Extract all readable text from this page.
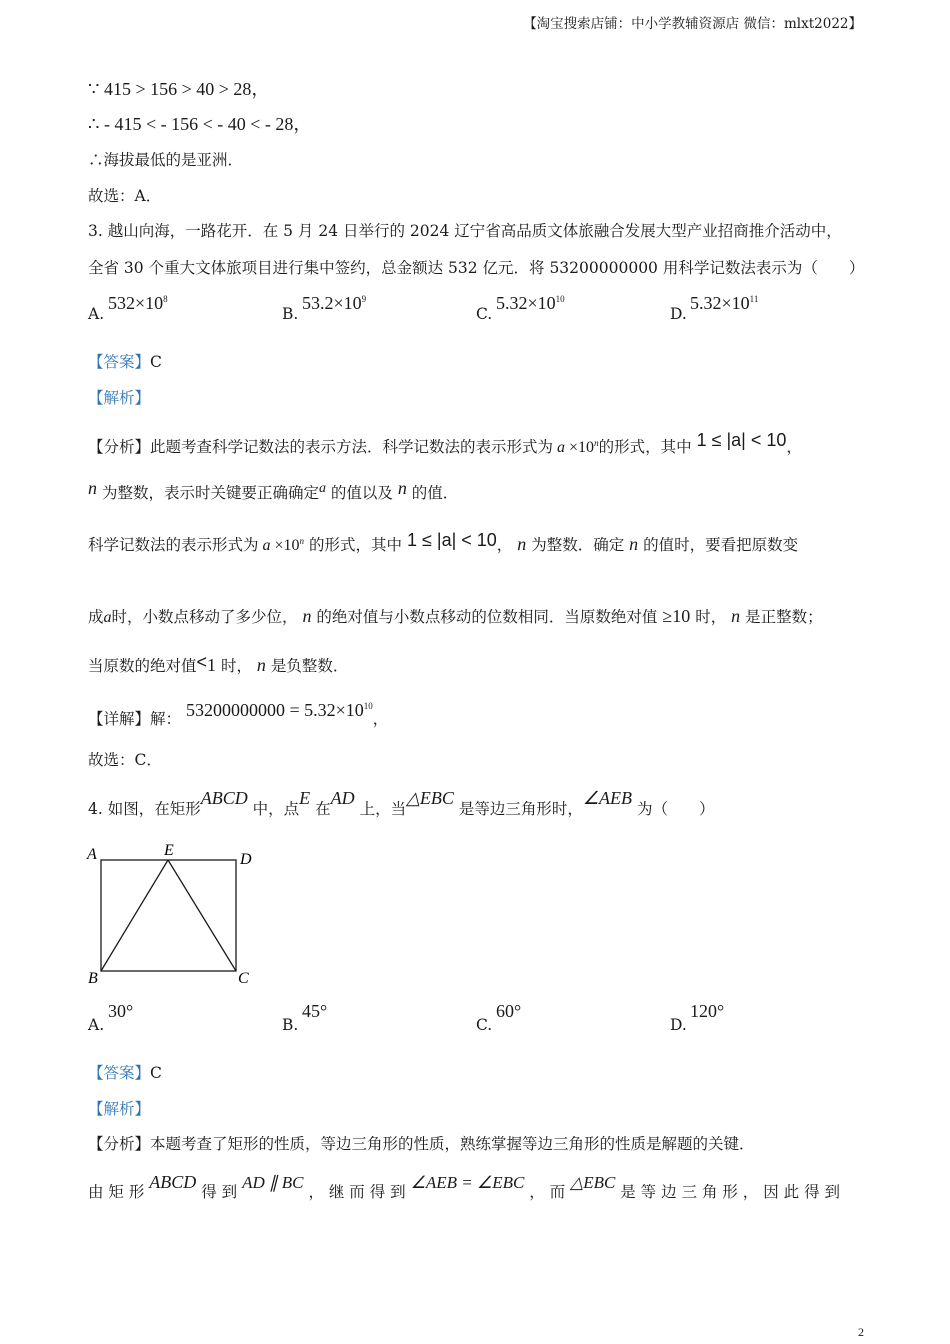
【淘宝搜索店铺：中小学教辅资源店 微信：mlxt2022】
∵ 415 > 156 > 40 > 28，
∴ - 415 < - 156 < - 40 < - 28，
∴海拔最低的是亚洲．
故选：A．
3. 越山向海，一路花开．在 5 月 24 日举行的 2024 辽宁省高品质文体旅融合发展大型产业招商推介活动中，
全省 30 个重大文体旅项目进行集中签约，总金额达 532 亿元．将 53200000000 用科学记数法表示为（　　）
A.
$532\times 10^8$
B.
$53.2\times 10^9$
C.
$5.32\times 10^{10}$
D.
$5.32\times 10^{11}$
【答案】C
【解析】
【分析】此题考查科学记数法的表示方法．科学记数法的表示形式为 $a \times 10^n$的形式，其中 1 ≤ |a| < 10，
n 为整数，表示时关键要正确确定a 的值以及 n 的值．
科学记数法的表示形式为 $a \times 10^n$ 的形式，其中 1 ≤ |a| < 10， n 为整数．确定 n 的值时，要看把原数变
成a时，小数点移动了多少位， n 的绝对值与小数点移动的位数相同．当原数绝对值 ≥10 时， n 是正整数；
当原数的绝对值<1 时， n 是负整数．
【详解】解： $53200000000 = 5.32\times 10^{10}$，
故选：C．
4. 如图，在矩形ABCD 中，点E 在AD 上，当△EBC 是等边三角形时，∠AEB 为（　　）
A	E
D
B	C
A.
30°
B.
45°
C.
60°
D.
120°
【答案】C
【解析】
【分析】本题考查了矩形的性质，等边三角形的性质，熟练掌握等边三角形的性质是解题的关键．
由 矩 形 ABCD 得 到 AD ∥ BC ， 继 而 得 到 ∠AEB = ∠EBC ， 而 △EBC 是 等 边 三 角 形 ， 因 此 得 到
2
